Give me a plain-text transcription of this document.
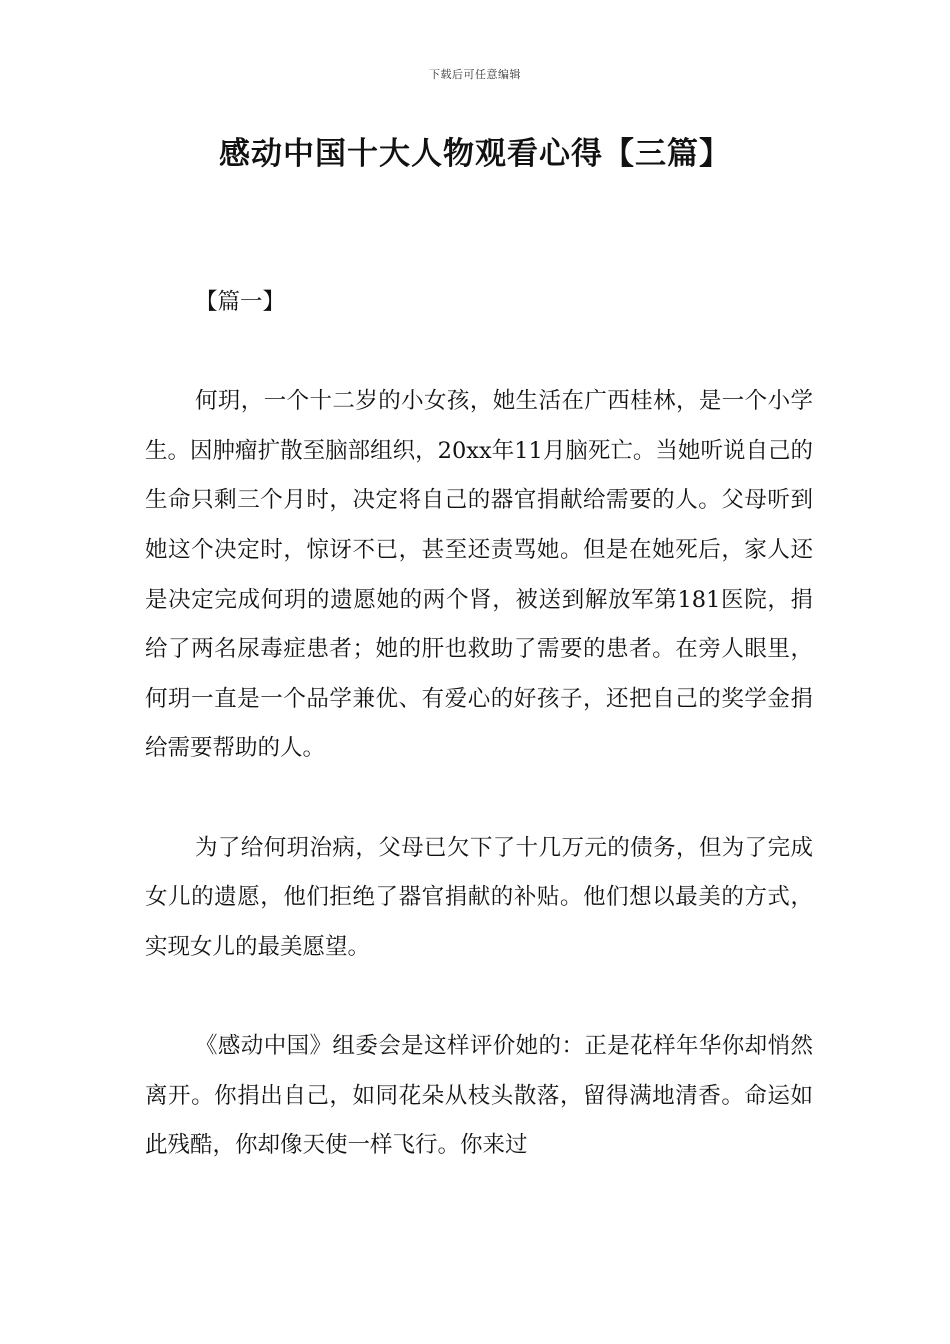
下载后可任意编辑
感动中国十大人物观看心得【三篇】

【篇一】

何玥，一个十二岁的小女孩，她生活在广西桂林，是一个小学生。因肿瘤扩散至脑部组织，20xx年11月脑死亡。当她听说自己的生命只剩三个月时，决定将自己的器官捐献给需要的人。父母听到她这个决定时，惊讶不已，甚至还责骂她。但是在她死后，家人还是决定完成何玥的遗愿她的两个肾，被送到解放军第181医院，捐给了两名尿毒症患者；她的肝也救助了需要的患者。在旁人眼里，何玥一直是一个品学兼优、有爱心的好孩子，还把自己的奖学金捐给需要帮助的人。

为了给何玥治病，父母已欠下了十几万元的债务，但为了完成女儿的遗愿，他们拒绝了器官捐献的补贴。他们想以最美的方式，实现女儿的最美愿望。

《感动中国》组委会是这样评价她的：正是花样年华你却悄然离开。你捐出自己，如同花朵从枝头散落，留得满地清香。命运如此残酷，你却像天使一样飞行。你来过
